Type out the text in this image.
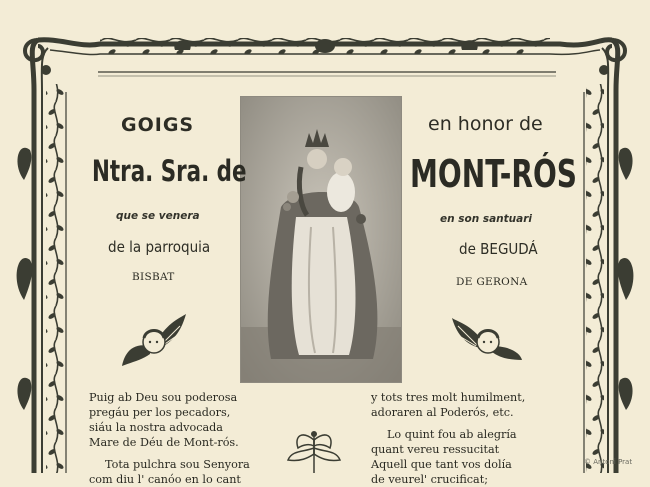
GOIGS	en honor de

Ntra. Sra. de	MONT-RÓS

que se venera	en son santuari

de la parroquia	de BEGUDÁ

BISBAT	DE GERONA

Puig ab Deu sou poderosa

pregáu per los pecadors,

siáu la nostra advocada

Mare de Déu de Mont-rós.

Tota pulchra sou Senyora

com diu l' canóo en lo cant

y tots tres molt humilment,

adoraren al Poderós, etc.

Lo quint fou ab alegría

quant vereu ressucitat

Aquell que tant vos dolía

de veurel' crucificat;

© Antoni Prat
